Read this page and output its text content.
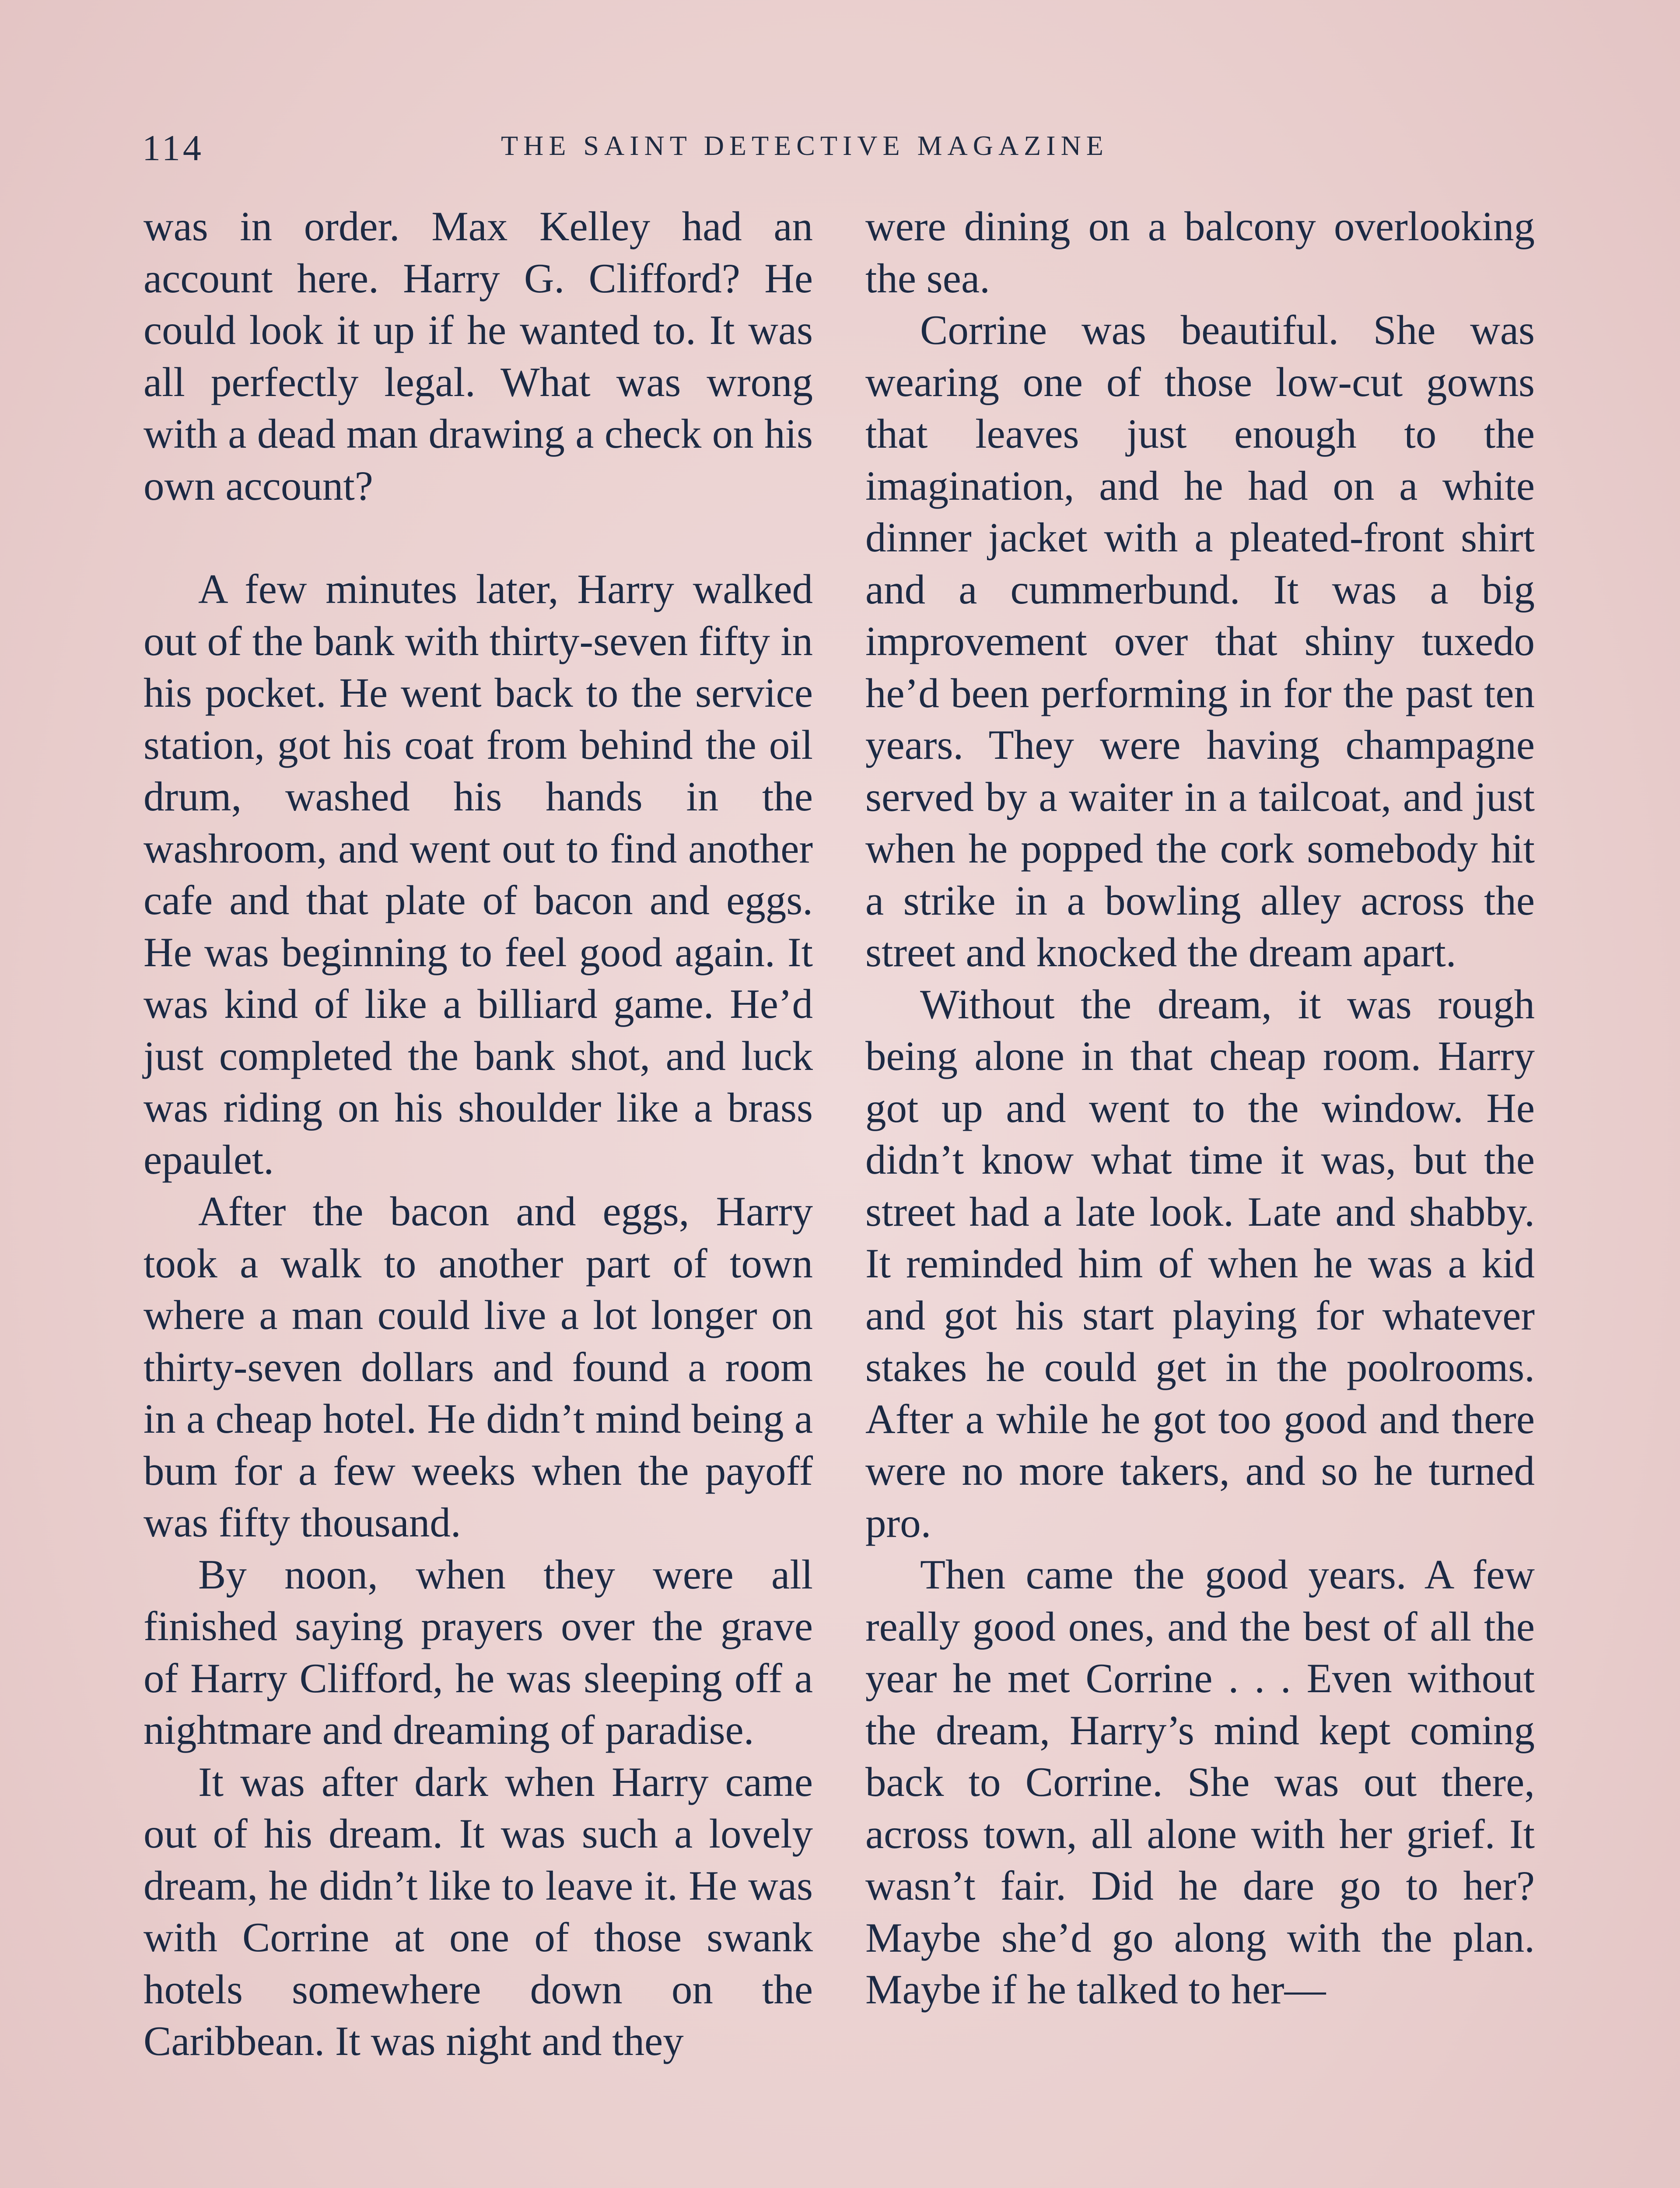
114	THE SAINT DETECTIVE MAGAZINE

was in order. Max Kelley had an account here. Harry G. Clifford? He could look it up if he wanted to. It was all perfectly legal. What was wrong with a dead man drawing a check on his own account?

A few minutes later, Harry walked out of the bank with thirty-seven fifty in his pocket. He went back to the service station, got his coat from behind the oil drum, washed his hands in the washroom, and went out to find another cafe and that plate of bacon and eggs. He was beginning to feel good again. It was kind of like a billiard game. He’d just completed the bank shot, and luck was riding on his shoulder like a brass epaulet.

After the bacon and eggs, Harry took a walk to another part of town where a man could live a lot longer on thirty-seven dollars and found a room in a cheap hotel. He didn’t mind being a bum for a few weeks when the payoff was fifty thousand.

By noon, when they were all finished saying prayers over the grave of Harry Clifford, he was sleeping off a nightmare and dreaming of paradise.

It was after dark when Harry came out of his dream. It was such a lovely dream, he didn’t like to leave it. He was with Corrine at one of those swank hotels somewhere down on the Caribbean. It was night and they

were dining on a balcony overlooking the sea.

Corrine was beautiful. She was wearing one of those low-cut gowns that leaves just enough to the imagination, and he had on a white dinner jacket with a pleated-front shirt and a cummerbund. It was a big improvement over that shiny tuxedo he’d been performing in for the past ten years. They were having champagne served by a waiter in a tailcoat, and just when he popped the cork somebody hit a strike in a bowling alley across the street and knocked the dream apart.

Without the dream, it was rough being alone in that cheap room. Harry got up and went to the window. He didn’t know what time it was, but the street had a late look. Late and shabby. It reminded him of when he was a kid and got his start playing for whatever stakes he could get in the poolrooms. After a while he got too good and there were no more takers, and so he turned pro.

Then came the good years. A few really good ones, and the best of all the year he met Corrine . . . Even without the dream, Harry’s mind kept coming back to Corrine. She was out there, across town, all alone with her grief. It wasn’t fair. Did he dare go to her? Maybe she’d go along with the plan. Maybe if he talked to her—
